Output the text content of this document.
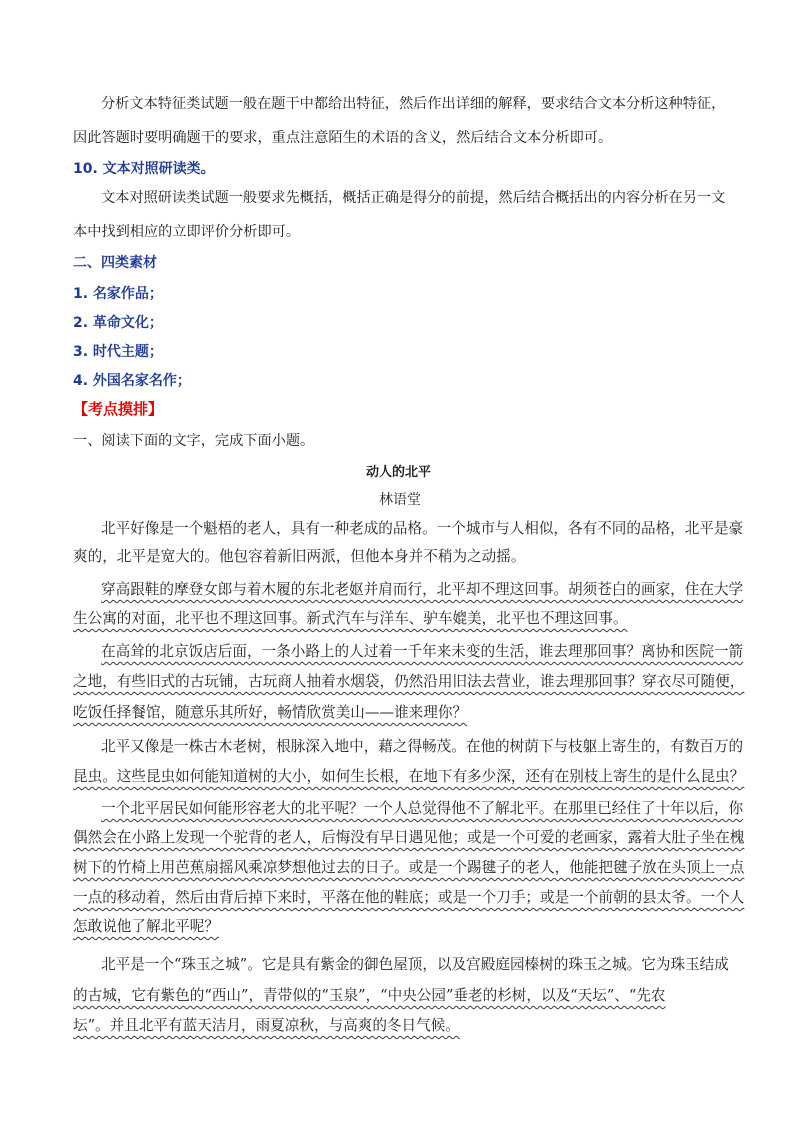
分析文本特征类试题一般在题干中都给出特征，然后作出详细的解释，要求结合文本分析这种特征，

因此答题时要明确题干的要求，重点注意陌生的术语的含义，然后结合文本分析即可。

10. 文本对照研读类。

文本对照研读类试题一般要求先概括，概括正确是得分的前提，然后结合概括出的内容分析在另一文

本中找到相应的立即评价分析即可。

二、四类素材

1. 名家作品；

2. 革命文化；

3. 时代主题；

4. 外国名家名作；

【考点摸排】

一、阅读下面的文字，完成下面小题。

动人的北平

林语堂

北平好像是一个魁梧的老人，具有一种老成的品格。一个城市与人相似，各有不同的品格，北平是豪

爽的，北平是宽大的。他包容着新旧两派，但他本身并不稍为之动摇。

穿高跟鞋的摩登女郎与着木履的东北老妪并肩而行，北平却不理这回事。胡须苍白的画家，住在大学

生公寓的对面，北平也不理这回事。新式汽车与洋车、驴车媲美，北平也不理这回事。

在高耸的北京饭店后面，一条小路上的人过着一千年来未变的生活，谁去理那回事？离协和医院一箭

之地，有些旧式的古玩铺，古玩商人抽着水烟袋，仍然沿用旧法去营业，谁去理那回事？穿衣尽可随便，

吃饭任择餐馆，随意乐其所好，畅情欣赏美山——谁来理你？

北平又像是一株古木老树，根脉深入地中，藉之得畅茂。在他的树荫下与枝躯上寄生的，有数百万的

昆虫。这些昆虫如何能知道树的大小，如何生长根，在地下有多少深，还有在别枝上寄生的是什么昆虫？

一个北平居民如何能形容老大的北平呢？一个人总觉得他不了解北平。在那里已经住了十年以后，你

偶然会在小路上发现一个驼背的老人，后悔没有早日遇见他；或是一个可爱的老画家，露着大肚子坐在槐

树下的竹椅上用芭蕉扇摇风乘凉梦想他过去的日子。或是一个踢毽子的老人，他能把毽子放在头顶上一点

一点的移动着，然后由背后掉下来时，平落在他的鞋底；或是一个刀手；或是一个前朝的县太爷。一个人

怎敢说他了解北平呢？

北平是一个“珠玉之城”。它是具有紫金的御色屋顶，以及宫殿庭园榛树的珠玉之城。它为珠玉结成

的古城，它有紫色的“西山”，青带似的“玉泉”，“中央公园”垂老的杉树，以及“天坛”、“先农

坛”。并且北平有蓝天洁月，雨夏凉秋，与高爽的冬日气候。
